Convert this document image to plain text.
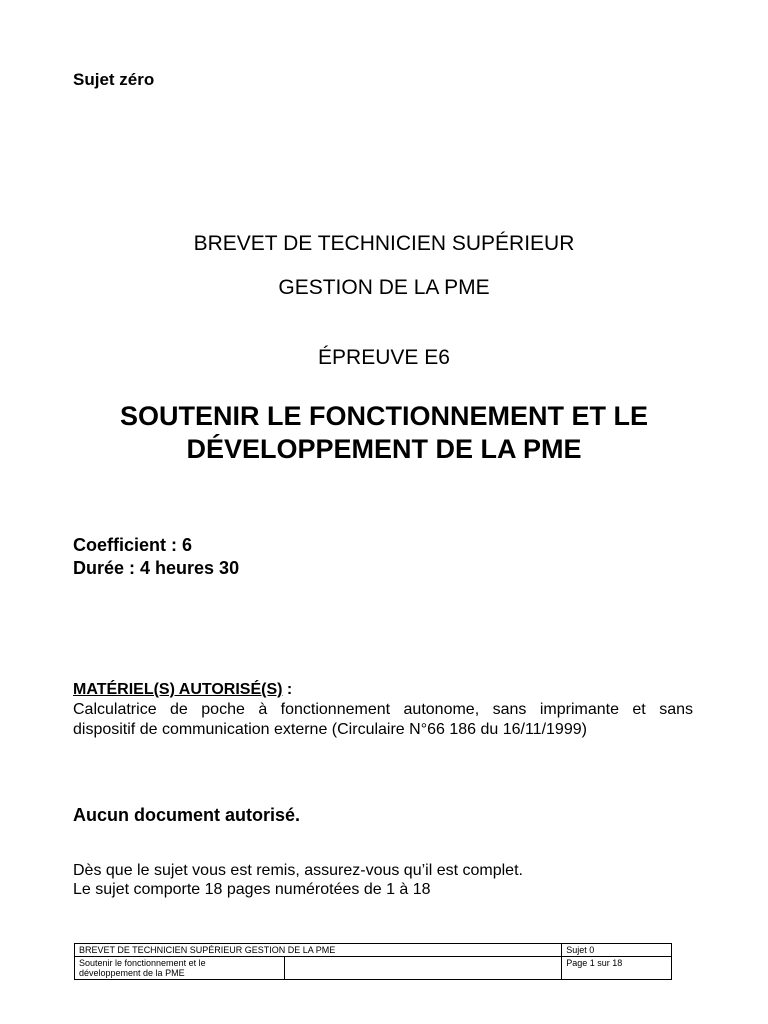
Sujet zéro
BREVET DE TECHNICIEN SUPÉRIEUR
GESTION DE LA PME
ÉPREUVE E6
SOUTENIR LE FONCTIONNEMENT ET LE
DÉVELOPPEMENT DE LA PME
Coefficient : 6
Durée : 4 heures 30
MATÉRIEL(S) AUTORISÉ(S) :
Calculatrice de poche à fonctionnement autonome, sans imprimante et sans
dispositif de communication externe (Circulaire N°66 186 du 16/11/1999)
Aucun document autorisé.
Dès que le sujet vous est remis, assurez-vous qu’il est complet.
Le sujet comporte 18 pages numérotées de 1 à 18
BREVET DE TECHNICIEN SUPÉRIEUR GESTION DE LA PME		Sujet 0

Soutenir le fonctionnement et le
développement de la PME		Page 1 sur 18
